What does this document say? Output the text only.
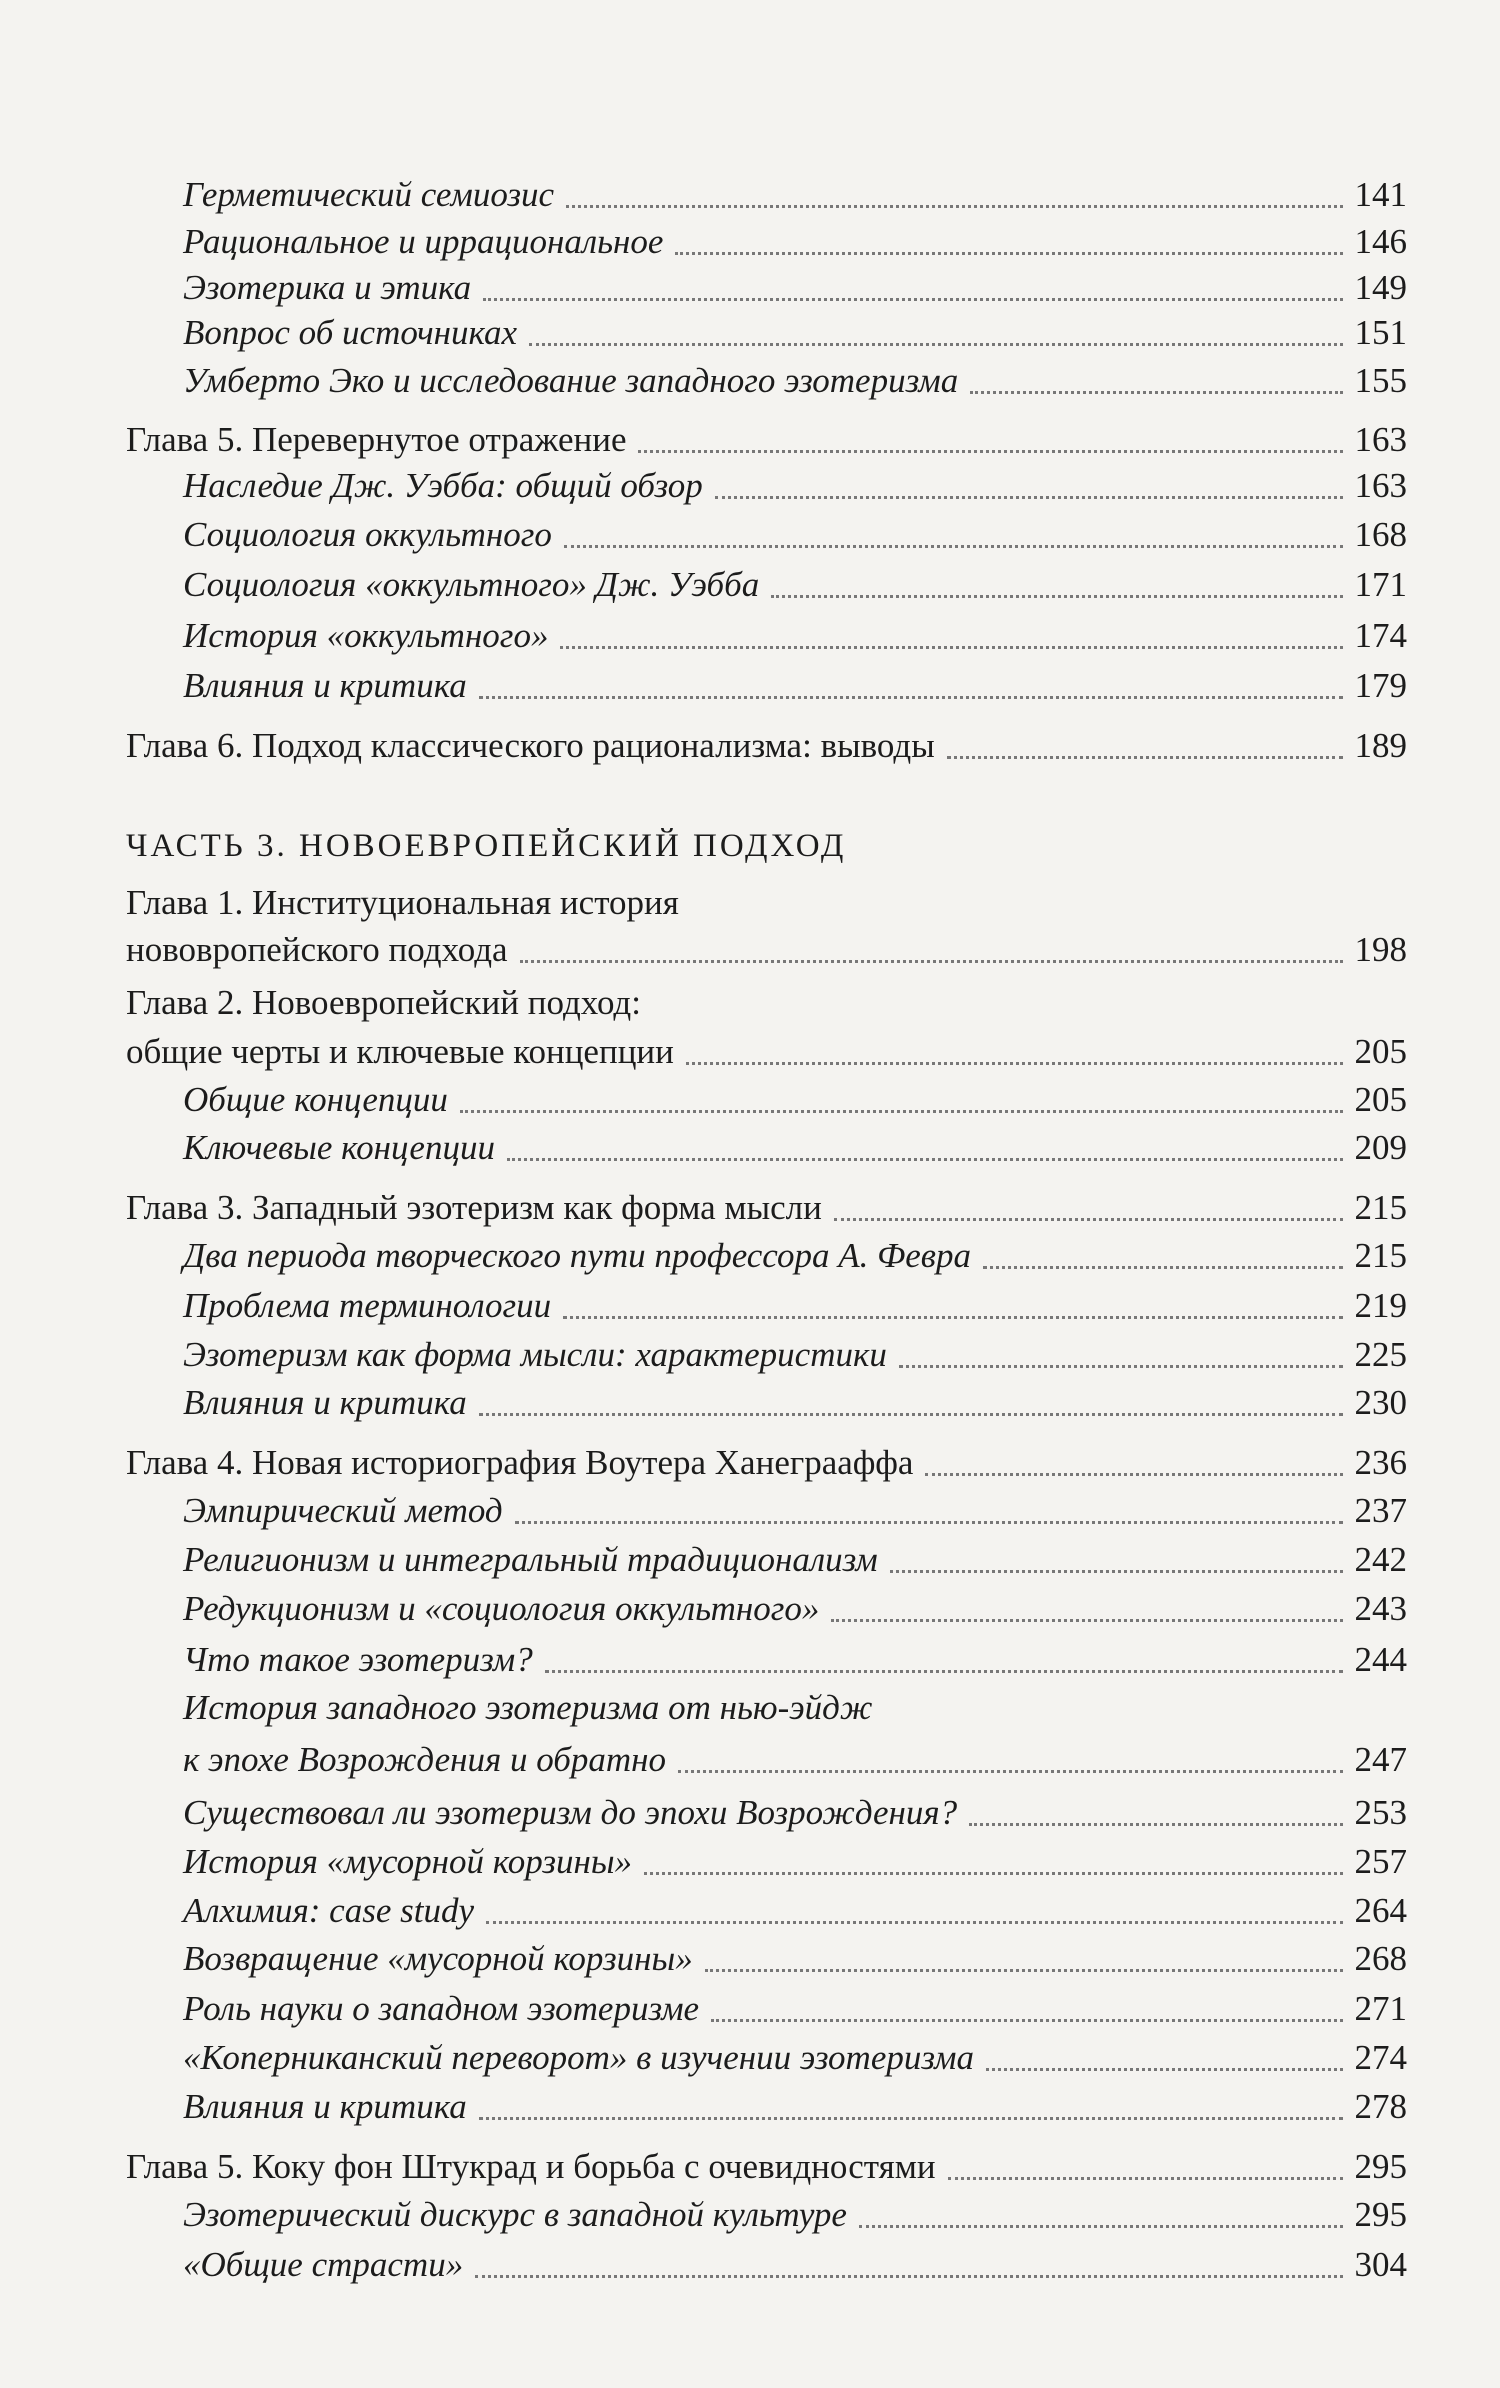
Герметический семиозис	141
Рациональное и иррациональное	146
Эзотерика и этика	149
Вопрос об источниках	151
Умберто Эко и исследование западного эзотеризма	155
Глава 5. Перевернутое отражение	163
Наследие Дж. Уэбба: общий обзор	163
Социология оккультного	168
Социология «оккультного» Дж. Уэбба	171
История «оккультного»	174
Влияния и критика	179
Глава 6. Подход классического рационализма: выводы	189
ЧАСТЬ 3. НОВОЕВРОПЕЙСКИЙ ПОДХОД
Глава 1. Институциональная история
нововропейского подхода	198
Глава 2. Новоевропейский подход:
общие черты и ключевые концепции	205
Общие концепции	205
Ключевые концепции	209
Глава 3. Западный эзотеризм как форма мысли	215
Два периода творческого пути профессора А. Февра	215
Проблема терминологии	219
Эзотеризм как форма мысли: характеристики	225
Влияния и критика	230
Глава 4. Новая историография Воутера Ханеграаффа	236
Эмпирический метод	237
Религионизм и интегральный традиционализм	242
Редукционизм и «социология оккультного»	243
Что такое эзотеризм?	244
История западного эзотеризма от нью-эйдж
к эпохе Возрождения и обратно	247
Существовал ли эзотеризм до эпохи Возрождения?	253
История «мусорной корзины»	257
Алхимия: case study	264
Возвращение «мусорной корзины»	268
Роль науки о западном эзотеризме	271
«Коперниканский переворот» в изучении эзотеризма	274
Влияния и критика	278
Глава 5. Коку фон Штукрад и борьба с очевидностями	295
Эзотерический дискурс в западной культуре	295
«Общие страсти»	304
